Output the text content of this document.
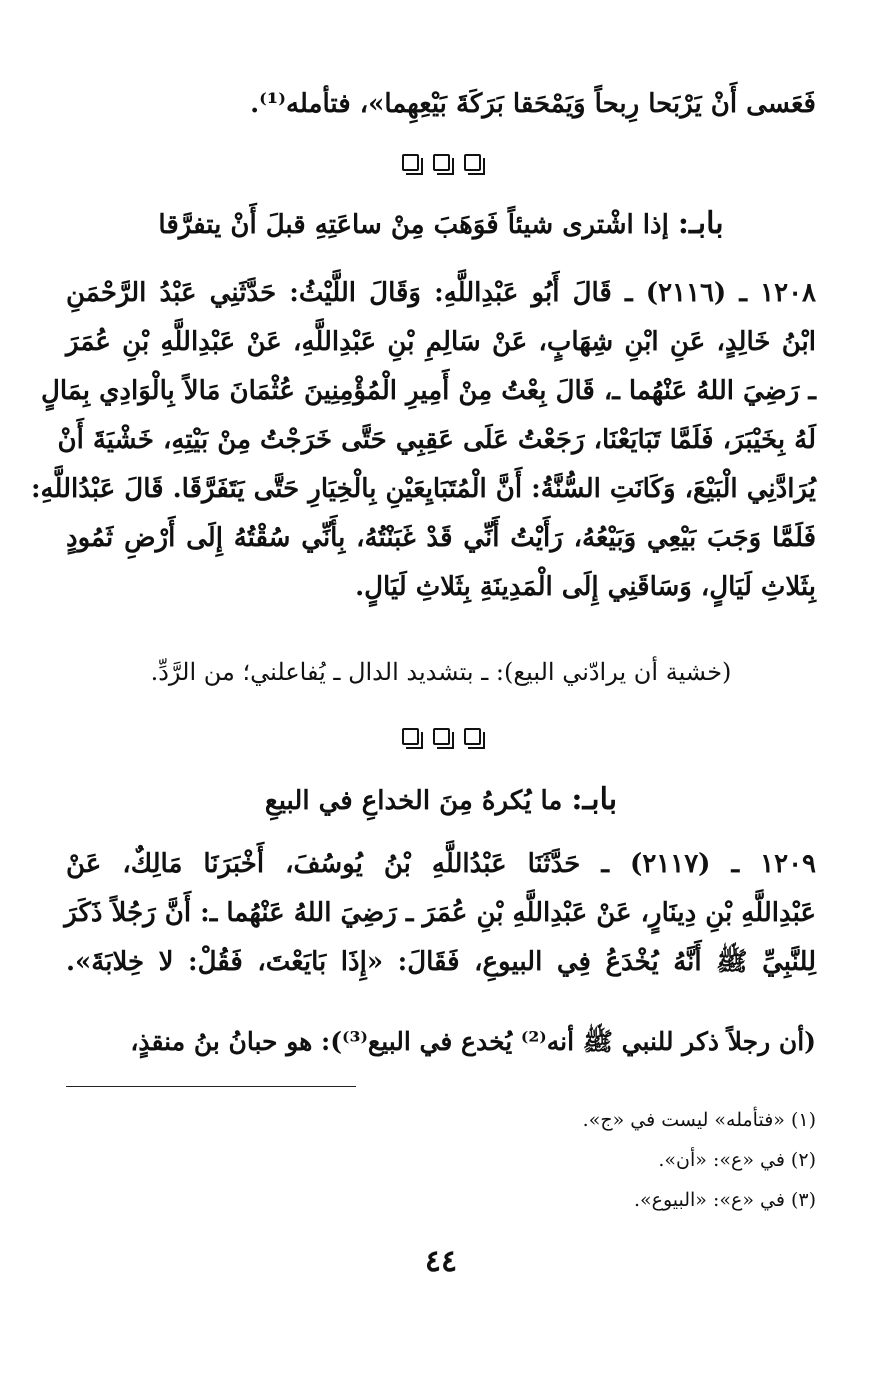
فَعَسى أَنْ يَرْبَحا رِبحاً وَيَمْحَقا بَرَكَةَ بَيْعِهِما»، فتأمله⁽¹⁾.
بابـ: إذا اشْترى شيئاً فَوَهَبَ مِنْ ساعَتِهِ قبلَ أَنْ يتفرَّقا
١٢٠٨ ـ (٢١١٦) ـ قَالَ أَبُو عَبْدِاللَّهِ: وَقَالَ اللَّيْثُ: حَدَّثَنِي عَبْدُ الرَّحْمَنِ
ابْنُ خَالِدٍ، عَنِ ابْنِ شِهَابٍ، عَنْ سَالِمِ بْنِ عَبْدِاللَّهِ، عَنْ عَبْدِاللَّهِ بْنِ عُمَرَ
ـ رَضِيَ اللهُ عَنْهُما ـ، قَالَ بِعْتُ مِنْ أَمِيرِ الْمُؤْمِنِينَ عُثْمَانَ مَالاً بِالْوَادِي بِمَالٍ
لَهُ بِخَيْبَرَ، فَلَمَّا تَبَايَعْنَا، رَجَعْتُ عَلَى عَقِبِي حَتَّى خَرَجْتُ مِنْ بَيْتِهِ، خَشْيَةَ أَنْ
يُرَادَّنِي الْبَيْعَ، وَكَانَتِ السُّنَّةُ: أَنَّ الْمُتَبَايِعَيْنِ بِالْخِيَارِ حَتَّى يَتَفَرَّقَا. قَالَ عَبْدُاللَّهِ:
فَلَمَّا وَجَبَ بَيْعِي وَبَيْعُهُ، رَأَيْتُ أَنِّي قَدْ غَبَنْتُهُ، بِأَنِّي سُقْتُهُ إِلَى أَرْضِ ثَمُودٍ
بِثَلاثِ لَيَالٍ، وَسَاقَنِي إِلَى الْمَدِينَةِ بِثَلاثِ لَيَالٍ.
(خشية أن يرادّني البيع): ـ بتشديد الدال ـ يُفاعلني؛ من الرَّدِّ.
بابـ: ما يُكرهُ مِنَ الخداعِ في البيعِ
١٢٠٩ ـ (٢١١٧) ـ حَدَّثَنَا عَبْدُاللَّهِ بْنُ يُوسُفَ، أَخْبَرَنَا مَالِكٌ، عَنْ
عَبْدِاللَّهِ بْنِ دِينَارٍ، عَنْ عَبْدِاللَّهِ بْنِ عُمَرَ ـ رَضِيَ اللهُ عَنْهُما ـ: أَنَّ رَجُلاً ذَكَرَ
لِلنَّبِيِّ ﷺ أَنَّهُ يُخْدَعُ فِي البيوعِ، فَقَالَ: «إِذَا بَايَعْتَ، فَقُلْ: لا خِلابَةَ».
(أن رجلاً ذكر للنبي ﷺ أنه⁽²⁾ يُخدع في البيع⁽³⁾): هو حبانُ بنُ منقذٍ،
(١) «فتأمله» ليست في «ج».
(٢) في «ع»: «أن».
(٣) في «ع»: «البيوع».
٤٤
